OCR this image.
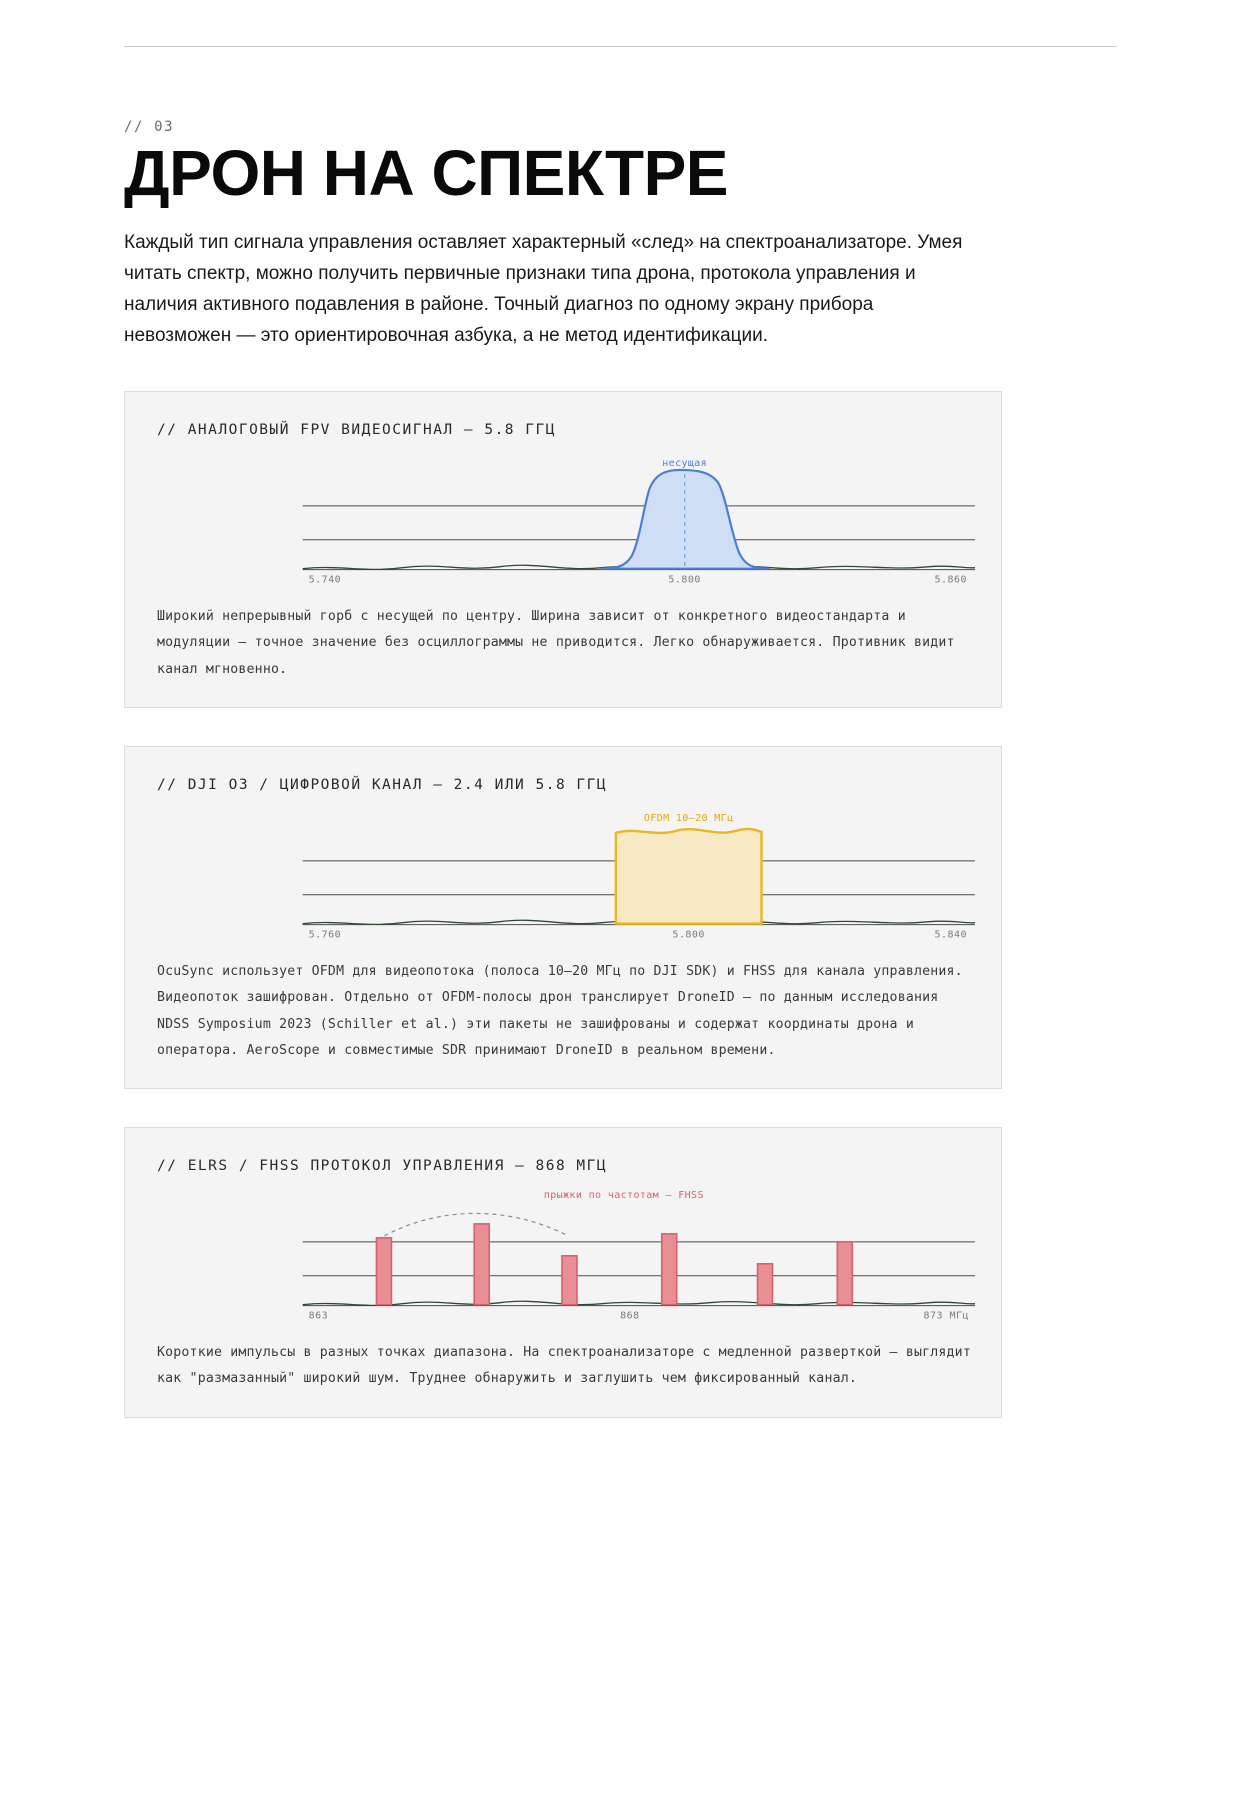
// 03
ДРОН НА СПЕКТРЕ

Каждый тип сигнала управления оставляет характерный «след» на спектроанализаторе. Умея читать спектр, можно получить первичные признаки типа дрона, протокола управления и наличия активного подавления в районе. Точный диагноз по одному экрану прибора невозможен — это ориентировочная азбука, а не метод идентификации.

// АНАЛОГОВЫЙ FPV ВИДЕОСИГНАЛ — 5.8 ГГЦ
несущая
5.740	5.800	5.860
Широкий непрерывный горб с несущей по центру. Ширина зависит от конкретного видеостандарта и модуляции — точное значение без осциллограммы не приводится. Легко обнаруживается. Противник видит канал мгновенно.
// DJI O3 / ЦИФРОВОЙ КАНАЛ — 2.4 ИЛИ 5.8 ГГЦ
OFDM 10—20 МГц
5.760	5.800	5.840
OcuSync использует OFDM для видеопотока (полоса 10—20 МГц по DJI SDK) и FHSS для канала управления. Видеопоток зашифрован. Отдельно от OFDM-полосы дрон транслирует DroneID — по данным исследования NDSS Symposium 2023 (Schiller et al.) эти пакеты не зашифрованы и содержат координаты дрона и оператора. AeroScope и совместимые SDR принимают DroneID в реальном времени.
// ELRS / FHSS ПРОТОКОЛ УПРАВЛЕНИЯ — 868 МГЦ
прыжки по частотам — FHSS
863	868	873 МГц
Короткие импульсы в разных точках диапазона. На спектроанализаторе с медленной разверткой — выглядит как "размазанный" широкий шум. Труднее обнаружить и заглушить чем фиксированный канал.
